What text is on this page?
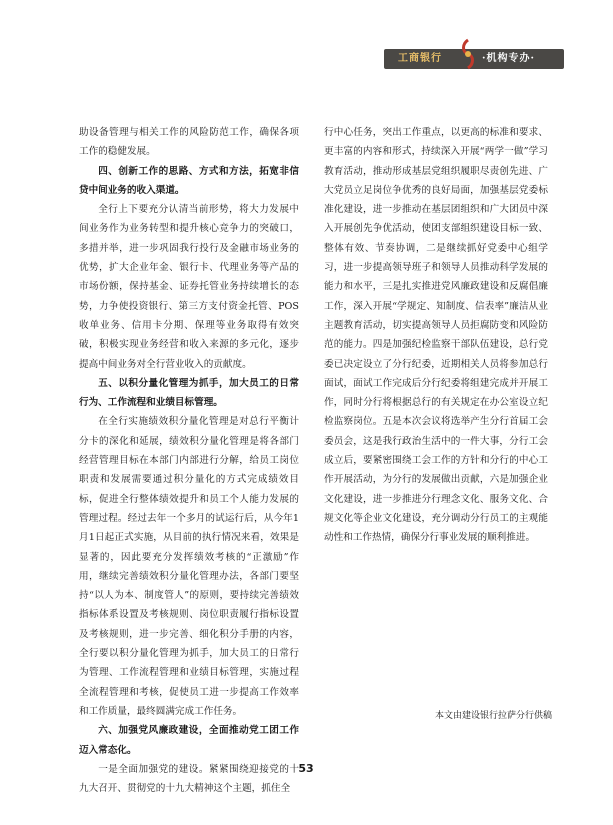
工商银行	·机构专办·

助设备管理与相关工作的风险防范工作，确保各项工作的稳健发展。

四、创新工作的思路、方式和方法，拓宽非信贷中间业务的收入渠道。

全行上下要充分认清当前形势，将大力发展中间业务作为业务转型和提升核心竞争力的突破口，多措并举，进一步巩固我行投行及金融市场业务的优势，扩大企业年金、银行卡、代理业务等产品的市场份额，保持基金、证券托管业务持续增长的态势，力争使投资银行、第三方支付资金托管、POS收单业务、信用卡分期、保理等业务取得有效突破，积极实现业务经营和收入来源的多元化，逐步提高中间业务对全行营业收入的贡献度。

五、以积分量化管理为抓手，加大员工的日常行为、工作流程和业绩目标管理。

在全行实施绩效积分量化管理是对总行平衡计分卡的深化和延展，绩效积分量化管理是将各部门经营管理目标在本部门内部进行分解，给员工岗位职责和发展需要通过积分量化的方式完成绩效目标，促进全行整体绩效提升和员工个人能力发展的管理过程。经过去年一个多月的试运行后，从今年1月1日起正式实施，从目前的执行情况来看，效果是显著的，因此要充分发挥绩效考核的“正激励”作用，继续完善绩效积分量化管理办法，各部门要坚持“以人为本、制度管人”的原则，要持续完善绩效指标体系设置及考核规则、岗位职责履行指标设置及考核规则，进一步完善、细化积分手册的内容，全行要以积分量化管理为抓手，加大员工的日常行为管理、工作流程管理和业绩目标管理，实施过程全流程管理和考核，促使员工进一步提高工作效率和工作质量，最终圆满完成工作任务。

六、加强党风廉政建设，全面推动党工团工作迈入常态化。

一是全面加强党的建设。紧紧围绕迎接党的十九大召开、贯彻党的十九大精神这个主题，抓住全

行中心任务，突出工作重点，以更高的标准和要求、更丰富的内容和形式，持续深入开展“两学一做”学习教育活动，推动形成基层党组织履职尽责创先进、广大党员立足岗位争优秀的良好局面，加强基层党委标准化建设，进一步推动在基层团组织和广大团员中深入开展创先争优活动，使团支部组织建设目标一致、整体有效、节奏协调，二是继续抓好党委中心组学习，进一步提高领导班子和领导人员推动科学发展的能力和水平，三是扎实推进党风廉政建设和反腐倡廉工作，深入开展“学规定、知制度、信表率”廉洁从业主题教育活动，切实提高领导人员拒腐防变和风险防范的能力。四是加强纪检监察干部队伍建设，总行党委已决定设立了分行纪委，近期相关人员将参加总行面试，面试工作完成后分行纪委将组建完成并开展工作，同时分行将根据总行的有关规定在办公室设立纪检监察岗位。五是本次会议将选举产生分行首届工会委员会，这是我行政治生活中的一件大事，分行工会成立后，要紧密围绕工会工作的方针和分行的中心工作开展活动，为分行的发展做出贡献，六是加强企业文化建设，进一步推进分行理念文化、服务文化、合规文化等企业文化建设，充分调动分行员工的主观能动性和工作热情，确保分行事业发展的顺利推进。

本文由建设银行拉萨分行供稿
53
